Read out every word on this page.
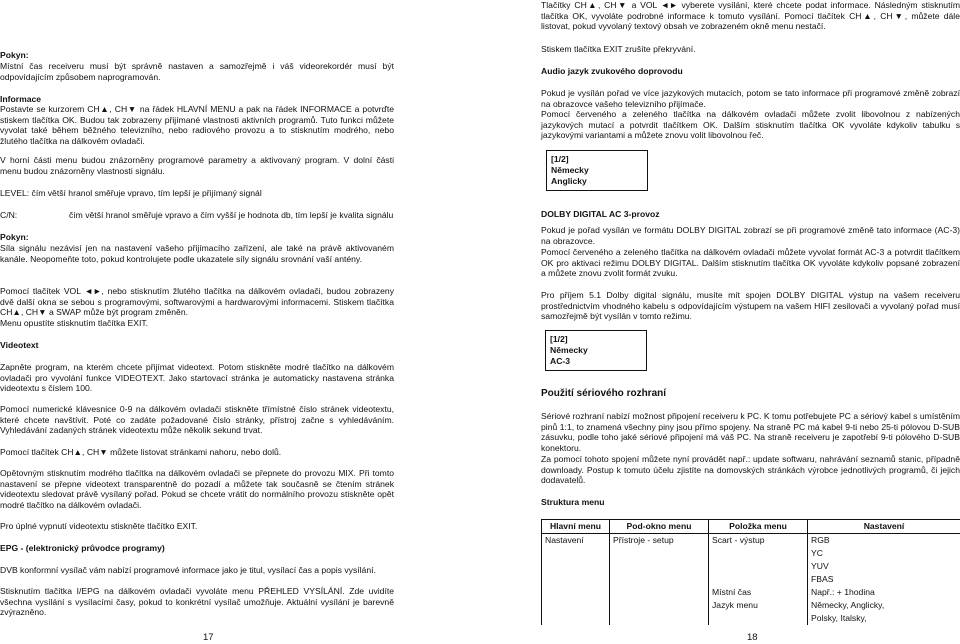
Pokyn:

Místní čas receiveru musí být správně nastaven a samozřejmě i váš videorekordér musí být odpovídajícím způsobem naprogramován.

Informace

Postavte se kurzorem CH▲, CH▼ na řádek HLAVNÍ MENU a pak na řádek INFORMACE a potvrďte stiskem tlačítka OK. Budou tak zobrazeny přijímané vlastnosti aktivních programů. Tuto funkci můžete vyvolat také během běžného televizního, nebo radiového provozu a to stisknutím modrého, nebo žlutého tlačítka na dálkovém ovladači.

V horní části menu budou znázorněny programové parametry a aktivovaný program. V dolní části menu budou znázorněny vlastnosti signálu.

LEVEL: čím větší hranol směřuje vpravo, tím lepší je přijímaný signál

C/N:	čím větší hranol směřuje vpravo a čím vyšší je hodnota db, tím lepší je kvalita signálu
Pokyn:

Síla signálu nezávisí jen na nastavení vašeho přijímacího zařízení, ale také na právě aktivovaném kanále. Neopomeňte toto, pokud kontrolujete podle ukazatele síly signálu srovnání vaší antény.

Pomocí tlačítek VOL ◄►, nebo stisknutím žlutého tlačítka na dálkovém ovladači, budou zobrazeny dvě další okna se sebou s programovými, softwarovými a hardwarovými informacemi. Stiskem tlačítka CH▲, CH▼ a SWAP může být program změněn.

Menu opustíte stisknutím tlačítka EXIT.

Videotext

Zapněte program, na kterém chcete přijímat videotext. Potom stiskněte modré tlačítko na dálkovém ovladači pro vyvolání funkce VIDEOTEXT. Jako startovací stránka je automaticky nastavena stránka videotextu s číslem 100.

Pomocí numerické klávesnice 0-9 na dálkovém ovladači stiskněte třímístné číslo stránek videotextu, které chcete navštívit. Poté co zadáte požadované číslo stránky, přístroj začne s vyhledáváním. Vyhledávání zadaných stránek videotextu může několik sekund trvat.

Pomocí tlačítek CH▲, CH▼ můžete listovat stránkami nahoru, nebo dolů.

Opětovným stisknutím modrého tlačítka na dálkovém ovladači se přepnete do provozu MIX. Při tomto nastavení se přepne videotext transparentně do pozadí a můžete tak současně se čtením stránek videotextu sledovat právě vysílaný pořad. Pokud se chcete vrátit do normálního provozu stiskněte opět modré tlačítko na dálkovém ovladači.

Pro úplné vypnutí videotextu stiskněte tlačítko EXIT.

EPG - (elektronický průvodce programy)

DVB konformní vysílač vám nabízí programové informace jako je titul, vysílací čas a popis vysílání.

Stisknutím tlačítka I/EPG na dálkovém ovladači vyvoláte menu PŘEHLED VYSÍLÁNÍ. Zde uvidíte všechna vysílání s vysílacími časy, pokud to konkrétní vysílač umožňuje. Aktuální vysílání je barevně zvýrazněno.

17

Tlačítky CH▲, CH▼ a VOL ◄► vyberete vysílání, které chcete podat informace. Následným stisknutím tlačítka OK, vyvoláte podrobné informace k tomuto vysílání. Pomocí tlačítek CH▲, CH▼, můžete dále listovat, pokud vyvolaný textový obsah ve zobrazeném okně menu nestačí.

Stiskem tlačítka EXIT zrušíte překryvání.

Audio jazyk zvukového doprovodu

Pokud je vysílán pořad ve více jazykových mutacích, potom se tato informace při programové změně zobrazí na obrazovce vašeho televizního přijímače.

Pomocí červeného a zeleného tlačítka na dálkovém ovladači můžete zvolit libovolnou z nabízených jazykových mutací a potvrdit tlačítkem OK. Dalším stisknutím tlačítka OK vyvoláte kdykoliv tabulku s jazykovými variantami a můžete znovu volit libovolnou řeč.

[1/2]
Německy
Anglicky
DOLBY DIGITAL AC 3-provoz

Pokud je pořad vysílán ve formátu DOLBY DIGITAL zobrazí se při programové změně tato informace (AC-3) na obrazovce.

Pomocí červeného a zeleného tlačítka na dálkovém ovladači můžete vyvolat formát AC-3 a potvrdit tlačítkem OK pro aktivaci režimu DOLBY DIGITAL. Dalším stisknutím tlačítka OK vyvoláte kdykoliv popsané zobrazení a můžete znovu zvolit formát zvuku.

Pro příjem 5.1 Dolby digital signálu, musíte mít spojen DOLBY DIGITAL výstup na vašem receiveru prostřednictvím vhodného kabelu s odpovídajícím výstupem na vašem HIFI zesilovači a vyvolaný pořad musí samozřejmě být vysílán v tomto režimu.

[1/2]
Německy
AC-3
Použití sériového rozhraní

Sériové rozhraní nabízí možnost připojení receiveru k PC. K tomu potřebujete PC a sériový kabel s umístěním pinů 1:1, to znamená všechny piny jsou přímo spojeny. Na straně PC má kabel 9-ti nebo 25-ti pólovou D-SUB zásuvku, podle toho jaké sériové připojení má váš PC. Na straně receiveru je zapotřebí 9-ti pólového D-SUB konektoru.

Za pomocí tohoto spojení můžete nyní provádět např.: update softwaru, nahrávání seznamů stanic, případně downloady. Postup k tomuto účelu zjistíte na domovských stránkách výrobce jednotlivých programů, či jejich dodavatelů.

Struktura menu
Hlavní menu	Pod-okno menu	Položka menu	Nastavení
Nastavení	Přístroje - setup	Scart - výstup	RGB
			YC
			YUV
			FBAS
		Místní čas	Např.: + 1hodina
		Jazyk menu	Německy, Anglicky,
			Polsky, Italsky,
18
